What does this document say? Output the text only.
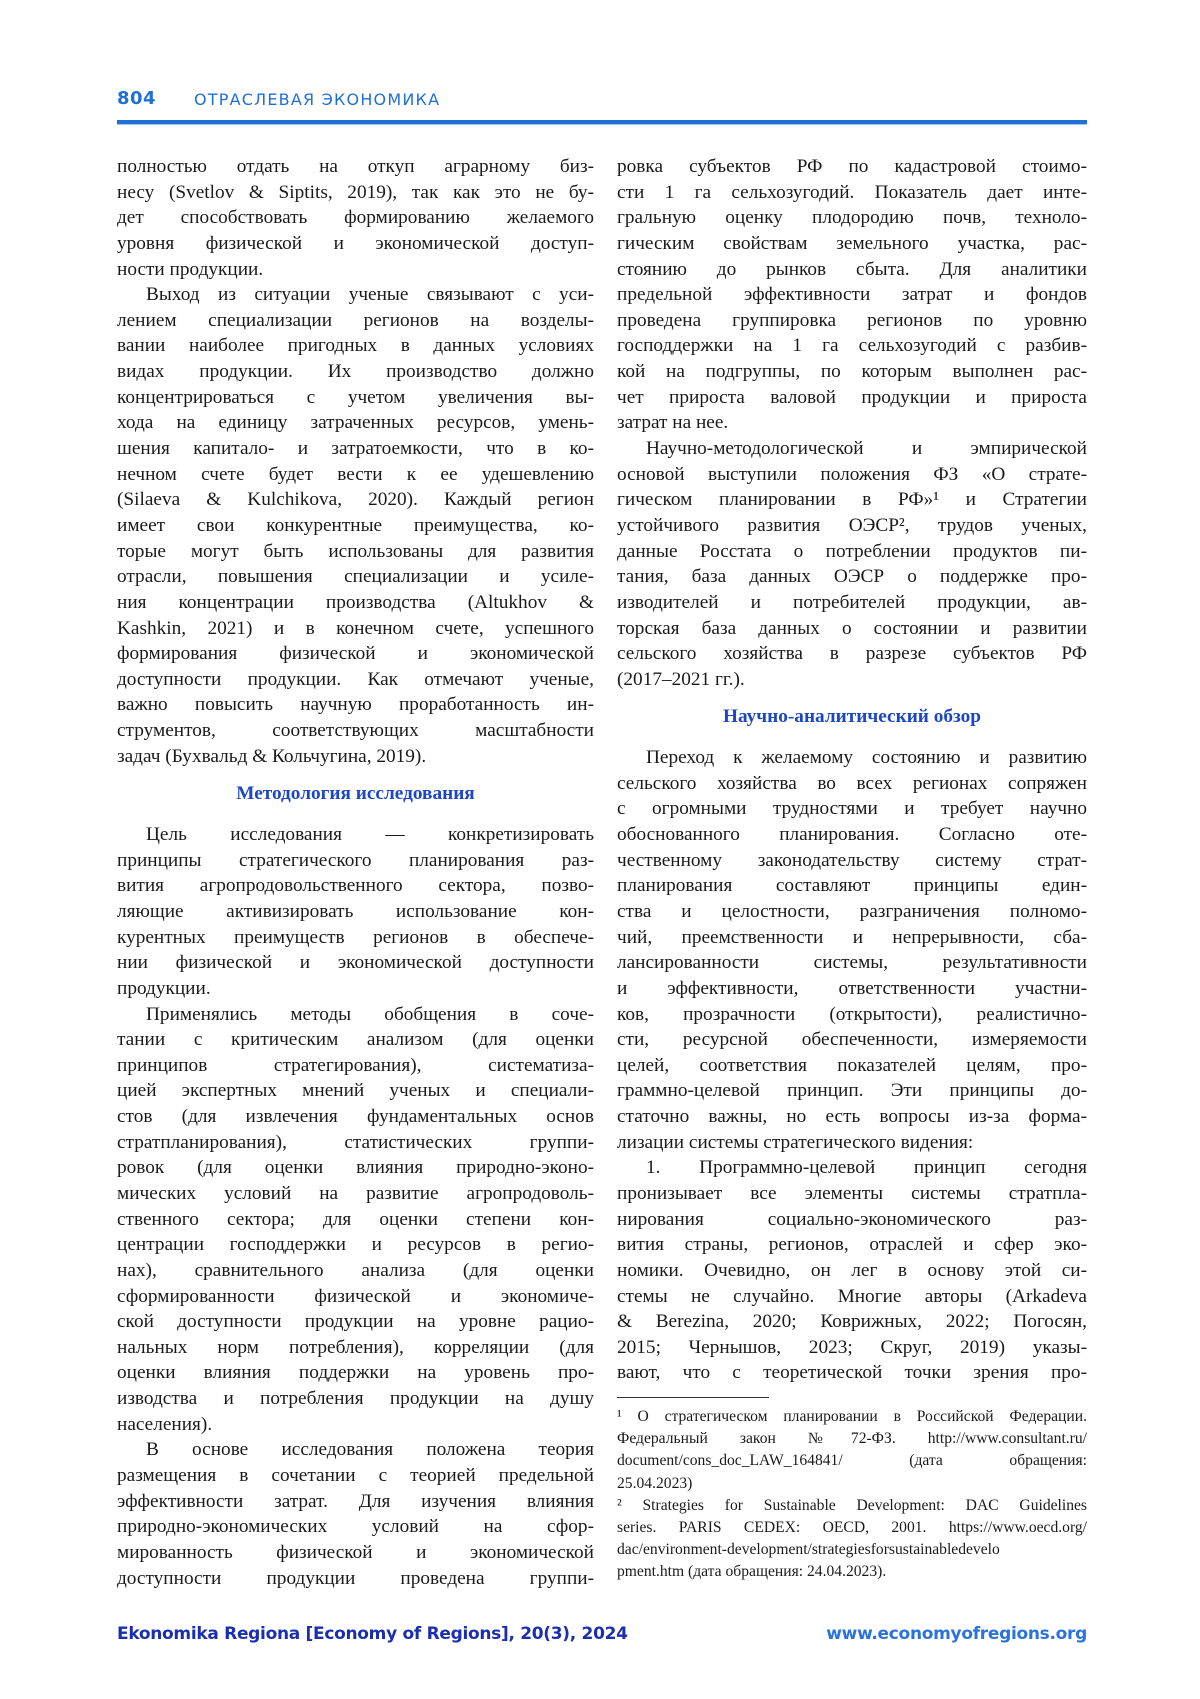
804 ОТРАСЛЕВАЯ ЭКОНОМИКА
полностью отдать на откуп аграрному биз-
несу (Svetlov & Siptits, 2019), так как это не бу-
дет способствовать формированию желаемого
уровня физической и экономической доступ-
ности продукции.
Выход из ситуации ученые связывают с уси-
лением специализации регионов на возделы-
вании наиболее пригодных в данных условиях
видах продукции. Их производство должно
концентрироваться с учетом увеличения вы-
хода на единицу затраченных ресурсов, умень-
шения капитало- и затратоемкости, что в ко-
нечном счете будет вести к ее удешевлению
(Silaeva & Kulchikova, 2020). Каждый регион
имеет свои конкурентные преимущества, ко-
торые могут быть использованы для развития
отрасли, повышения специализации и усиле-
ния концентрации производства (Altukhov &
Kashkin, 2021) и в конечном счете, успешного
формирования физической и экономической
доступности продукции. Как отмечают ученые,
важно повысить научную проработанность ин-
струментов, соответствующих масштабности
задач (Бухвальд & Кольчугина, 2019).
Методология исследования
Цель исследования — конкретизировать
принципы стратегического планирования раз-
вития агропродовольственного сектора, позво-
ляющие активизировать использование кон-
курентных преимуществ регионов в обеспече-
нии физической и экономической доступности
продукции.
Применялись методы обобщения в соче-
тании с критическим анализом (для оценки
принципов стратегирования), систематиза-
цией экспертных мнений ученых и специали-
стов (для извлечения фундаментальных основ
стратпланирования), статистических группи-
ровок (для оценки влияния природно-эконо-
мических условий на развитие агропродоволь-
ственного сектора; для оценки степени кон-
центрации господдержки и ресурсов в регио-
нах), сравнительного анализа (для оценки
сформированности физической и экономиче-
ской доступности продукции на уровне рацио-
нальных норм потребления), корреляции (для
оценки влияния поддержки на уровень про-
изводства и потребления продукции на душу
населения).
В основе исследования положена теория
размещения в сочетании с теорией предельной
эффективности затрат. Для изучения влияния
природно-экономических условий на сфор-
мированность физической и экономической
доступности продукции проведена группи-
ровка субъектов РФ по кадастровой стоимо-
сти 1 га сельхозугодий. Показатель дает инте-
гральную оценку плодородию почв, техноло-
гическим свойствам земельного участка, рас-
стоянию до рынков сбыта. Для аналитики
предельной эффективности затрат и фондов
проведена группировка регионов по уровню
господдержки на 1 га сельхозугодий с разбив-
кой на подгруппы, по которым выполнен рас-
чет прироста валовой продукции и прироста
затрат на нее.
Научно-методологической и эмпирической
основой выступили положения ФЗ «О страте-
гическом планировании в РФ»¹ и Стратегии
устойчивого развития ОЭСР², трудов ученых,
данные Росстата о потреблении продуктов пи-
тания, база данных ОЭСР о поддержке про-
изводителей и потребителей продукции, ав-
торская база данных о состоянии и развитии
сельского хозяйства в разрезе субъектов РФ
(2017–2021 гг.).
Научно-аналитический обзор
Переход к желаемому состоянию и развитию
сельского хозяйства во всех регионах сопряжен
с огромными трудностями и требует научно
обоснованного планирования. Согласно оте-
чественному законодательству систему страт-
планирования составляют принципы един-
ства и целостности, разграничения полномо-
чий, преемственности и непрерывности, сба-
лансированности системы, результативности
и эффективности, ответственности участни-
ков, прозрачности (открытости), реалистично-
сти, ресурсной обеспеченности, измеряемости
целей, соответствия показателей целям, про-
граммно-целевой принцип. Эти принципы до-
статочно важны, но есть вопросы из-за форма-
лизации системы стратегического видения:
1. Программно-целевой принцип сегодня
пронизывает все элементы системы стратпла-
нирования социально-экономического раз-
вития страны, регионов, отраслей и сфер эко-
номики. Очевидно, он лег в основу этой си-
стемы не случайно. Многие авторы (Arkadeva
& Berezina, 2020; Коврижных, 2022; Погосян,
2015; Чернышов, 2023; Скруг, 2019) указы-
вают, что с теоретической точки зрения про-
¹ О стратегическом планировании в Российской Федерации.
Федеральный закон №72-ФЗ. http://www.consultant.ru/
document/cons_doc_LAW_164841/ (дата обращения:
25.04.2023)
² Strategies for Sustainable Development: DAC Guidelines
series. PARIS CEDEX: OECD, 2001. https://www.oecd.org/
dac/environment-development/strategiesforsustainabledevelo
pment.htm (дата обращения: 24.04.2023).
Ekonomika Regiona [Economy of Regions], 20(3), 2024	www.economyofregions.org
